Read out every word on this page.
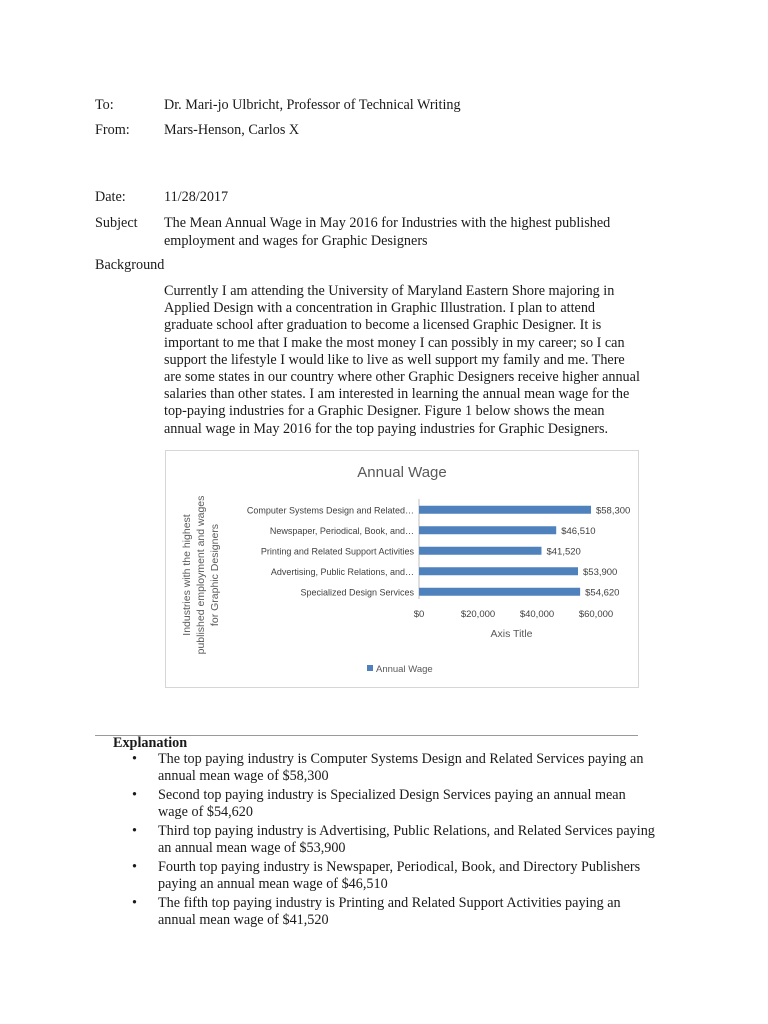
To:	Dr. Mari-jo Ulbricht, Professor of Technical Writing
From: Mars-Henson, Carlos X
Date:	11/28/2017
Subject The Mean Annual Wage in May 2016 for Industries with the highest published employment and wages for Graphic Designers
Background

Currently I am attending the University of Maryland Eastern Shore majoring in Applied Design with a concentration in Graphic Illustration. I plan to attend graduate school after graduation to become a licensed Graphic Designer. It is important to me that I make the most money I can possibly in my career; so I can support the lifestyle I would like to live as well support my family and me. There are some states in our country where other Graphic Designers receive higher annual salaries than other states. I am interested in learning the annual mean wage for the top-paying industries for a Graphic Designer. Figure 1 below shows the mean annual wage in May 2016 for the top paying industries for Graphic Designers.

Annual Wage
Industries with the highest published employment and wages for Graphic Designers
Computer Systems Design and Related…	$58,300
Newspaper, Periodical, Book, and…	$46,510
Printing and Related Support Activities	$41,520
Advertising, Public Relations, and…	$53,900
Specialized Design Services	$54,620
$0	$20,000	$40,000	$60,000
Axis Title
Annual Wage
Explanation
• The top paying industry is Computer Systems Design and Related Services paying an annual mean wage of $58,300
• Second top paying industry is Specialized Design Services paying an annual mean wage of $54,620
• Third top paying industry is Advertising, Public Relations, and Related Services paying an annual mean wage of $53,900
• Fourth top paying industry is Newspaper, Periodical, Book, and Directory Publishers paying an annual mean wage of $46,510
• The fifth top paying industry is Printing and Related Support Activities paying an annual mean wage of $41,520
